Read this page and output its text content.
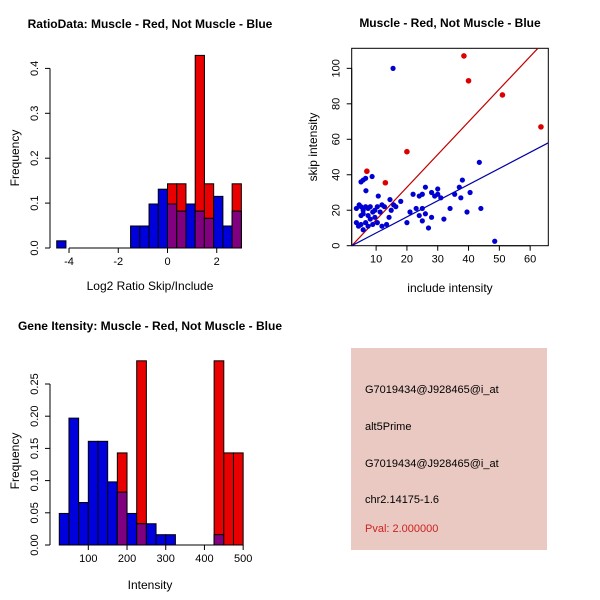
-4	-2	0	2
0.0
0.1
0.2
0.3
0.4
RatioData: Muscle - Red, Not Muscle - Blue
Log2 Ratio Skip/Include
Frequency
10 20 30 40 50 60
0
20
40
60
80
100
Muscle - Red, Not Muscle - Blue
include intensity
skip intensity
100 200 300 400 500
0.00
0.05
0.10
0.15
0.20
0.25
Gene Itensity: Muscle - Red, Not Muscle - Blue
Intensity
Frequency
G7019434@J928465@i_at
alt5Prime
G7019434@J928465@i_at
chr2.14175-1.6
Pval: 2.000000
